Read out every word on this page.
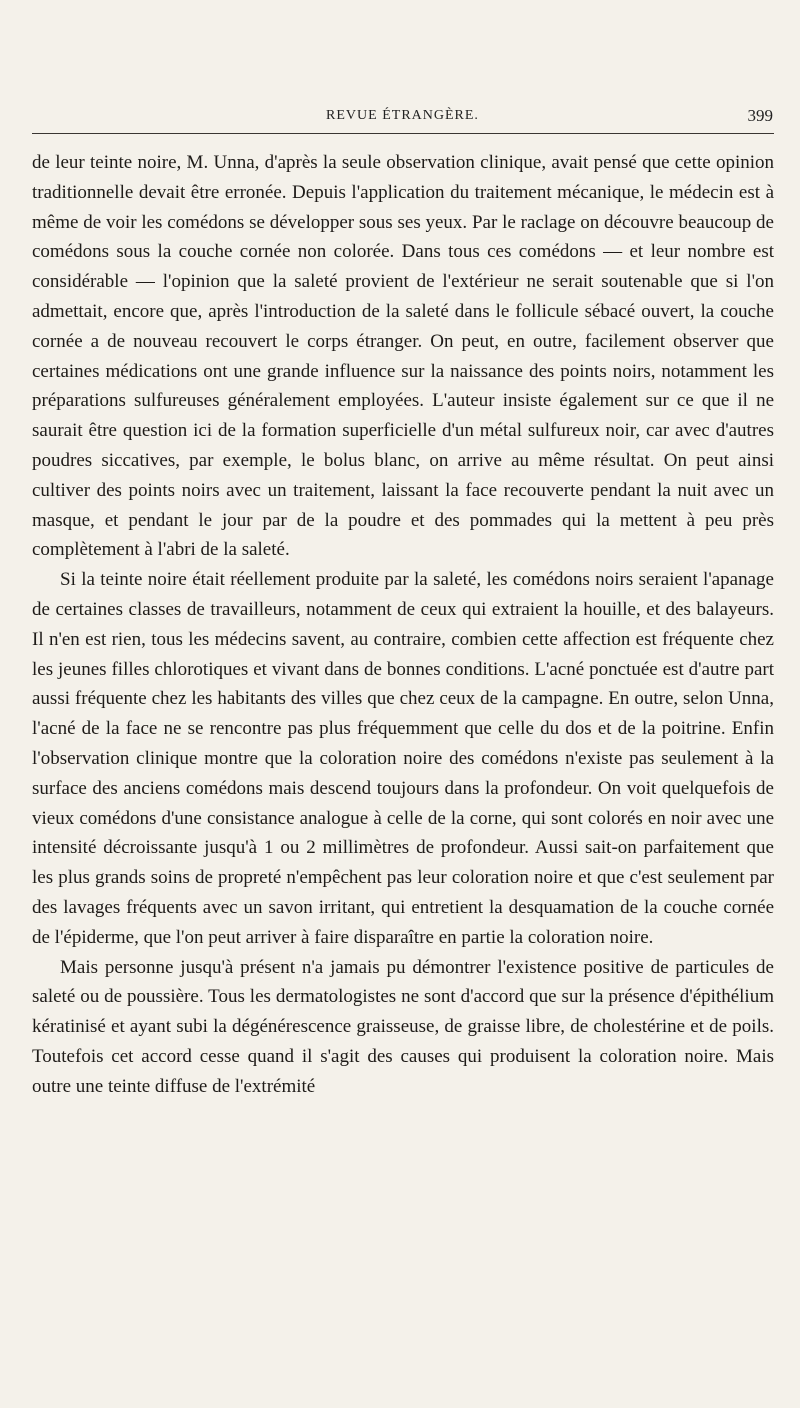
REVUE ÉTRANGÈRE.	399

de leur teinte noire, M. Unna, d'après la seule observation clinique, avait pensé que cette opinion traditionnelle devait être erronée. Depuis l'application du traitement mécanique, le médecin est à même de voir les comédons se développer sous ses yeux. Par le raclage on découvre beaucoup de comédons sous la couche cornée non colorée. Dans tous ces comédons — et leur nombre est considérable — l'opinion que la saleté provient de l'extérieur ne serait soutenable que si l'on admettait, encore que, après l'introduction de la saleté dans le follicule sébacé ouvert, la couche cornée a de nouveau recouvert le corps étranger. On peut, en outre, facilement observer que certaines médications ont une grande influence sur la naissance des points noirs, notamment les préparations sulfureuses généralement employées. L'auteur insiste également sur ce que il ne saurait être question ici de la formation superficielle d'un métal sulfureux noir, car avec d'autres poudres siccatives, par exemple, le bolus blanc, on arrive au même résultat. On peut ainsi cultiver des points noirs avec un traitement, laissant la face recouverte pendant la nuit avec un masque, et pendant le jour par de la poudre et des pommades qui la mettent à peu près complètement à l'abri de la saleté.

Si la teinte noire était réellement produite par la saleté, les comédons noirs seraient l'apanage de certaines classes de travailleurs, notamment de ceux qui extraient la houille, et des balayeurs. Il n'en est rien, tous les médecins savent, au contraire, combien cette affection est fréquente chez les jeunes filles chlorotiques et vivant dans de bonnes conditions. L'acné ponctuée est d'autre part aussi fréquente chez les habitants des villes que chez ceux de la campagne. En outre, selon Unna, l'acné de la face ne se rencontre pas plus fréquemment que celle du dos et de la poitrine. Enfin l'observation clinique montre que la coloration noire des comédons n'existe pas seulement à la surface des anciens comédons mais descend toujours dans la profondeur. On voit quelquefois de vieux comédons d'une consistance analogue à celle de la corne, qui sont colorés en noir avec une intensité décroissante jusqu'à 1 ou 2 millimètres de profondeur. Aussi sait-on parfaitement que les plus grands soins de propreté n'empêchent pas leur coloration noire et que c'est seulement par des lavages fréquents avec un savon irritant, qui entretient la desquamation de la couche cornée de l'épiderme, que l'on peut arriver à faire disparaître en partie la coloration noire.

Mais personne jusqu'à présent n'a jamais pu démontrer l'existence positive de particules de saleté ou de poussière. Tous les dermatologistes ne sont d'accord que sur la présence d'épithélium kératinisé et ayant subi la dégénérescence graisseuse, de graisse libre, de cholestérine et de poils. Toutefois cet accord cesse quand il s'agit des causes qui produisent la coloration noire. Mais outre une teinte diffuse de l'extrémité
